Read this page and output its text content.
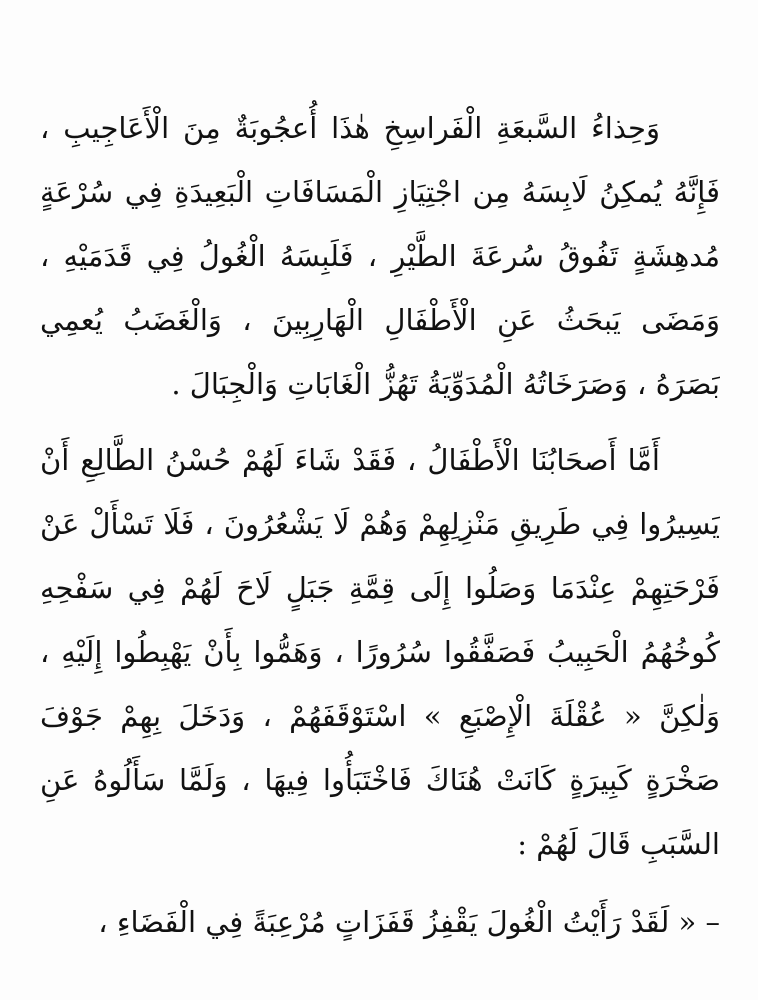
وَحِذاءُ السَّبعَةِ الْفَراسِخِ هٰذَا أُعجُوبَةٌ مِنَ الْأَعَاجِيبِ ،
فَإِنَّهُ يُمكِنُ لَابِسَهُ مِن اجْتِيَازِ الْمَسَافَاتِ الْبَعِيدَةِ فِي سُرْعَةٍ
مُدهِشَةٍ تَفُوقُ سُرعَةَ الطَّيْرِ ، فَلَبِسَهُ الْغُولُ فِي قَدَمَيْهِ ،
وَمَضَى يَبحَثُ عَنِ الْأَطْفَالِ الْهَارِبِينَ ، وَالْغَضَبُ يُعمِي
بَصَرَهُ ، وَصَرَخَاتُهُ الْمُدَوِّيَةُ تَهُزُّ الْغَابَاتِ وَالْجِبَالَ .
أَمَّا أَصحَابُنَا الْأَطْفَالُ ، فَقَدْ شَاءَ لَهُمْ حُسْنُ الطَّالِعِ أَنْ
يَسِيرُوا فِي طَرِيقِ مَنْزِلِهِمْ وَهُمْ لَا يَشْعُرُونَ ، فَلَا تَسْأَلْ عَنْ
فَرْحَتِهِمْ عِنْدَمَا وَصَلُوا إِلَى قِمَّةِ جَبَلٍ لَاحَ لَهُمْ فِي سَفْحِهِ
كُوخُهُمُ الْحَبِيبُ فَصَفَّقُوا سُرُورًا ، وَهَمُّوا بِأَنْ يَهْبِطُوا إِلَيْهِ ،
وَلٰكِنَّ « عُقْلَةَ الْإِصْبَعِ » اسْتَوْقَفَهُمْ ، وَدَخَلَ بِهِمْ جَوْفَ
صَخْرَةٍ كَبِيرَةٍ كَانَتْ هُنَاكَ فَاخْتَبَأُوا فِيهَا ، وَلَمَّا سَأَلُوهُ عَنِ
السَّبَبِ قَالَ لَهُمْ :
– « لَقَدْ رَأَيْتُ الْغُولَ يَقْفِزُ قَفَزَاتٍ مُرْعِبَةً فِي الْفَضَاءِ ،
